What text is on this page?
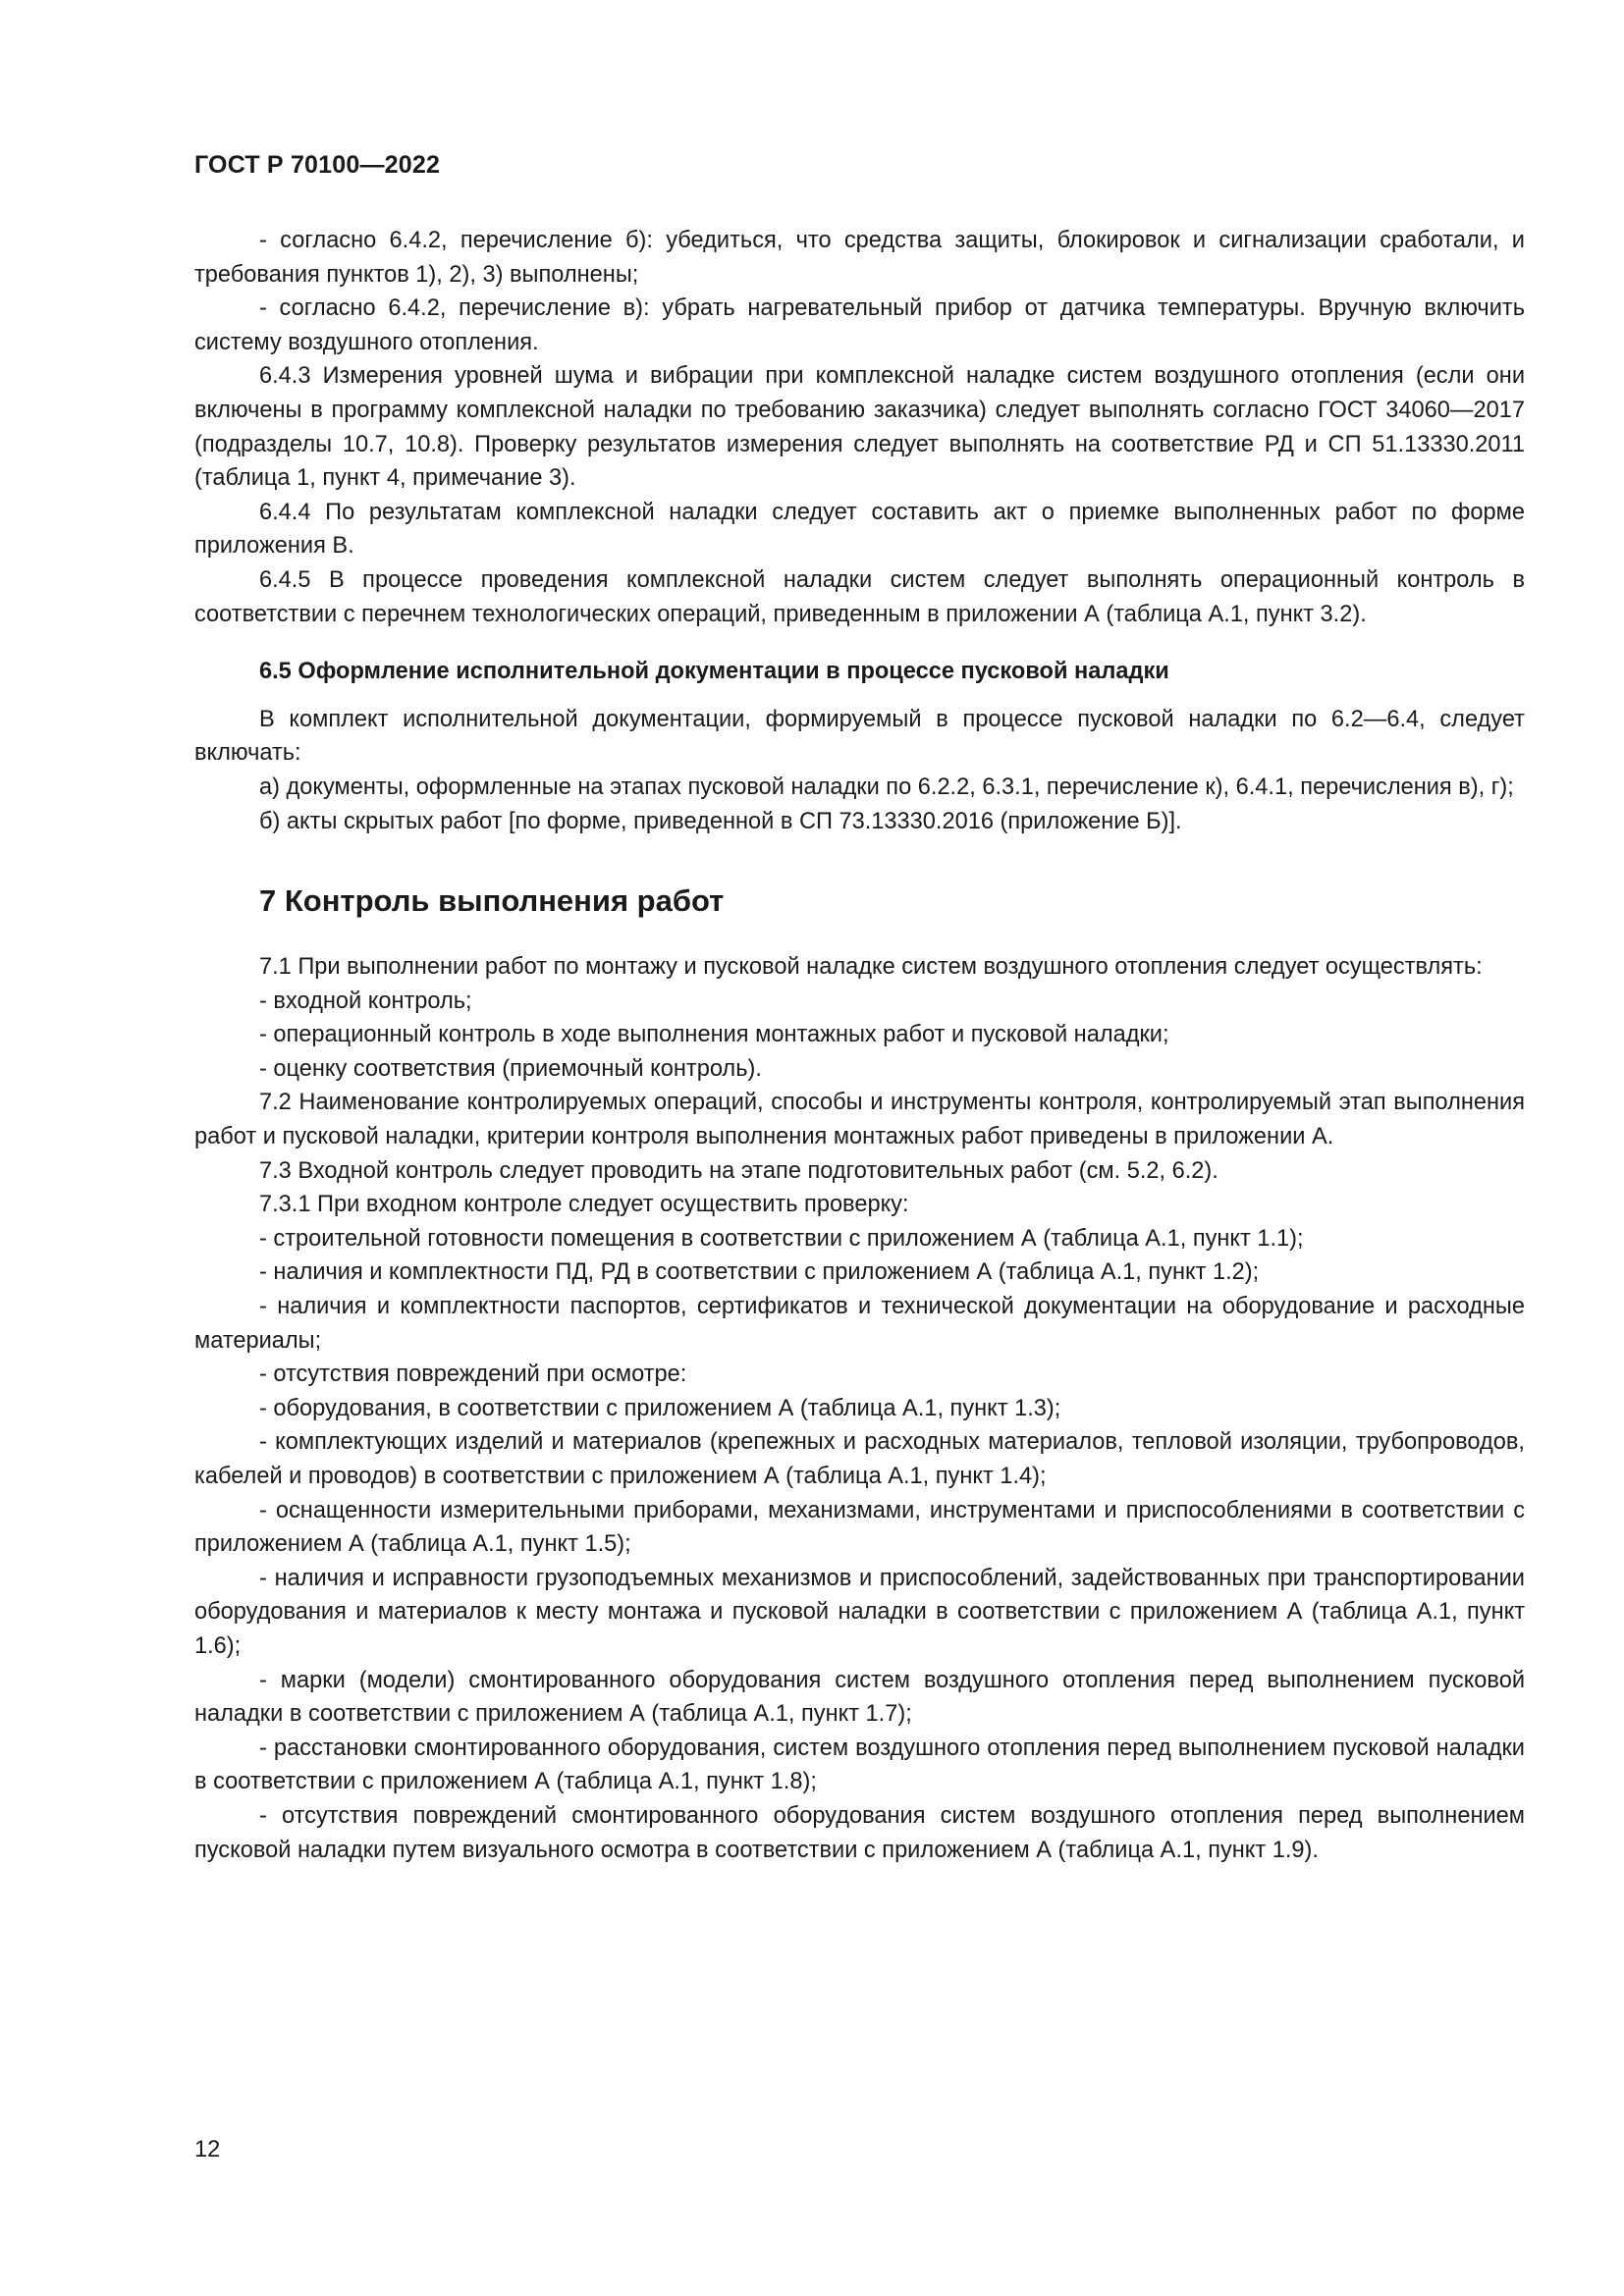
ГОСТ Р 70100—2022

- согласно 6.4.2, перечисление б): убедиться, что средства защиты, блокировок и сигнализации сработали, и требования пунктов 1), 2), 3) выполнены;

- согласно 6.4.2, перечисление в): убрать нагревательный прибор от датчика температуры. Вручную включить систему воздушного отопления.

6.4.3 Измерения уровней шума и вибрации при комплексной наладке систем воздушного отопления (если они включены в программу комплексной наладки по требованию заказчика) следует выполнять согласно ГОСТ 34060—2017 (подразделы 10.7, 10.8). Проверку результатов измерения следует выполнять на соответствие РД и СП 51.13330.2011 (таблица 1, пункт 4, примечание 3).

6.4.4 По результатам комплексной наладки следует составить акт о приемке выполненных работ по форме приложения В.

6.4.5 В процессе проведения комплексной наладки систем следует выполнять операционный контроль в соответствии с перечнем технологических операций, приведенным в приложении А (таблица А.1, пункт 3.2).

6.5 Оформление исполнительной документации в процессе пусковой наладки

В комплект исполнительной документации, формируемый в процессе пусковой наладки по 6.2—6.4, следует включать:

а) документы, оформленные на этапах пусковой наладки по 6.2.2, 6.3.1, перечисление к), 6.4.1, перечисления в), г);

б) акты скрытых работ [по форме, приведенной в СП 73.13330.2016 (приложение Б)].

7 Контроль выполнения работ

7.1 При выполнении работ по монтажу и пусковой наладке систем воздушного отопления следует осуществлять:

- входной контроль;

- операционный контроль в ходе выполнения монтажных работ и пусковой наладки;

- оценку соответствия (приемочный контроль).

7.2 Наименование контролируемых операций, способы и инструменты контроля, контролируемый этап выполнения работ и пусковой наладки, критерии контроля выполнения монтажных работ приведены в приложении А.

7.3 Входной контроль следует проводить на этапе подготовительных работ (см. 5.2, 6.2).

7.3.1 При входном контроле следует осуществить проверку:

- строительной готовности помещения в соответствии с приложением А (таблица А.1, пункт 1.1);

- наличия и комплектности ПД, РД в соответствии с приложением А (таблица А.1, пункт 1.2);

- наличия и комплектности паспортов, сертификатов и технической документации на оборудование и расходные материалы;

- отсутствия повреждений при осмотре:

- оборудования, в соответствии с приложением А (таблица А.1, пункт 1.3);

- комплектующих изделий и материалов (крепежных и расходных материалов, тепловой изоляции, трубопроводов, кабелей и проводов) в соответствии с приложением А (таблица А.1, пункт 1.4);

- оснащенности измерительными приборами, механизмами, инструментами и приспособлениями в соответствии с приложением А (таблица А.1, пункт 1.5);

- наличия и исправности грузоподъемных механизмов и приспособлений, задействованных при транспортировании оборудования и материалов к месту монтажа и пусковой наладки в соответствии с приложением А (таблица А.1, пункт 1.6);

- марки (модели) смонтированного оборудования систем воздушного отопления перед выполнением пусковой наладки в соответствии с приложением А (таблица А.1, пункт 1.7);

- расстановки смонтированного оборудования, систем воздушного отопления перед выполнением пусковой наладки в соответствии с приложением А (таблица А.1, пункт 1.8);

- отсутствия повреждений смонтированного оборудования систем воздушного отопления перед выполнением пусковой наладки путем визуального осмотра в соответствии с приложением А (таблица А.1, пункт 1.9).

12
